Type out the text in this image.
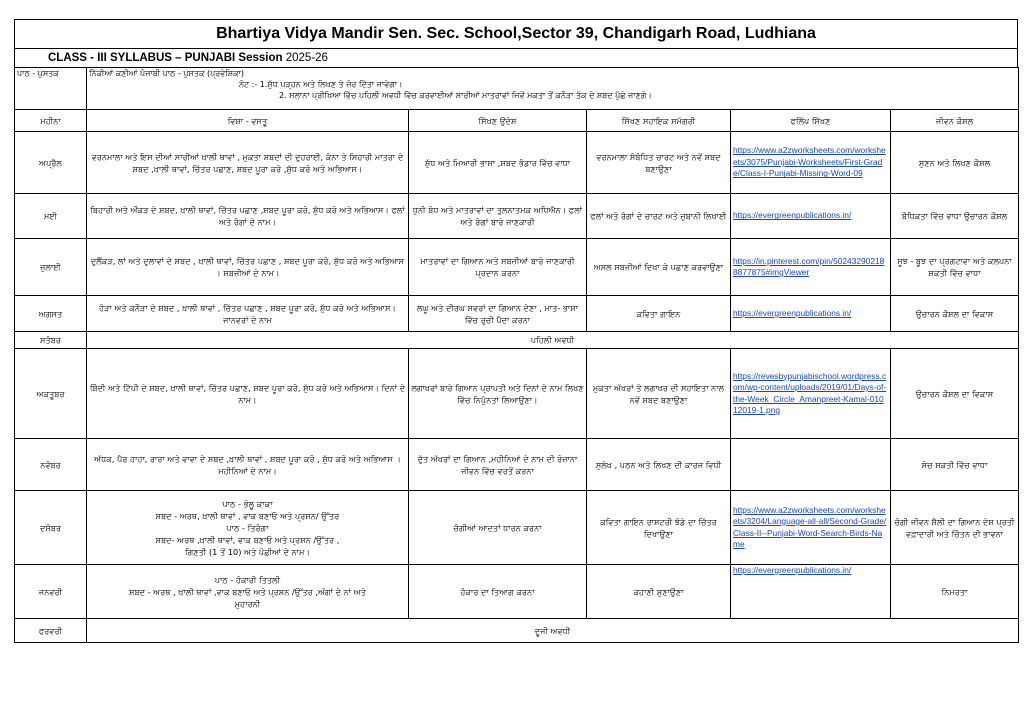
Bhartiya Vidya Mandir Sen. Sec. School,Sector 39, Chandigarh Road, Ludhiana
CLASS - III SYLLABUS – PUNJABI Session 2025-26
ਪਾਠ - ਪੁਸਤਕ	ਨਿੱਕੀਆਂ ਕਣੀਆਂ ਪੰਜਾਬੀ ਪਾਠ - ਪੁਸਤਕ (ਪ੍ਰਵੇਸ਼ਿਕਾ)
ਨੋਟ :- 1.ਸ਼ੁੱਧ ਪੜ੍ਹਨ ਅਤੇ ਲਿਖਣ ਤੇ ਜ਼ੋਰ ਦਿੱਤਾ ਜਾਵੇਗਾ।
2. ਸਲਾਨਾ ਪ੍ਰੀਖਿਆ ਵਿੱਚ ਪਹਿਲੀ ਅਵਧੀ ਵਿੱਚ ਕਰਵਾਈਆਂ ਸਾਰੀਆਂ ਮਾਤਰਾਵਾਂ ਜਿਵੇਂ ਮਕਤਾ ਤੋਂ ਕਨੌੜਾ ਤੱਕ ਦੇ ਸ਼ਬਦ ਪੁੱਛੇ ਜਾਣਗੇ।				

ਮਹੀਨਾ	ਵਿਸ਼ਾ - ਵਸਤੂ	ਸਿੱਖਣ ਉਦੇਸ਼	ਸਿੱਖਣ ਸਹਾਇਕ ਸਮੱਗਰੀ	ਫਲਿੱਪ ਸਿੱਖਣ	ਜੀਵਨ ਕੌਸ਼ਲ
ਅਪ੍ਰੈਲ	ਵਰਨਮਾਲਾ ਅਤੇ ਇਸ ਦੀਆਂ ਸਾਰੀਆਂ ਖ਼ਾਲੀ ਥਾਵਾਂ , ਮੁਕਤਾ ਸ਼ਬਦਾਂ ਦੀ ਦੁਹਰਾਈ, ਕੰਨਾ ਤੇ ਸਿਹਾਰੀ ਮਾਤਰਾ ਦੇ ਸ਼ਬਦ ,ਖ਼ਾਲੀ ਥਾਵਾਂ, ਚਿੱਤਰ ਪਛਾਣ, ਸ਼ਬਦ ਪੂਰਾ ਕਰੋ ,ਸ਼ੁੱਧ ਕਰੋ ਅਤੇ ਅਭਿਆਸ।	ਸ਼ੁੱਧ ਅਤੇ ਮਿਆਰੀ ਭਾਸ਼ਾ ,ਸ਼ਬਦ ਭੰਡਾਰ ਵਿੱਚ ਵਾਧਾ	ਵਰਨਮਾਲਾ ਸੰਬੰਧਿਤ ਚਾਰਟ ਅਤੇ ਨਵੇਂ ਸ਼ਬਦ ਬਣਾਉਣਾ	https://www.a2zworksheets.com/worksheets/3075/Punjabi-Worksheets/First-Grade/Class-I-Punjabi-Missing-Word-09	ਸੁਣਨ ਅਤੇ ਲਿਖਣ ਕੌਸ਼ਲ
ਮਈ	ਬਿਹਾਰੀ ਅਤੇ ਔਂਕੜ ਦੇ ਸ਼ਬਦ, ਖ਼ਾਲੀ ਥਾਵਾਂ, ਚਿੱਤਰ ਪਛਾਣ ,ਸ਼ਬਦ ਪੂਰਾ ਕਰੋ, ਸ਼ੁੱਧ ਕਰੋ ਅਤੇ ਅਭਿਆਸ। ਫਲਾਂ ਅਤੇ ਰੰਗਾਂ ਦੇ ਨਾਮ।	ਧੁਨੀ ਬੋਧ ਅਤੇ ਮਾਤਰਾਵਾਂ ਦਾ ਤੁਲਨਾਤਮਕ ਅਧਿਐਨ। ਫਲਾਂ ਅਤੇ ਰੰਗਾਂ ਬਾਰੇ ਜਾਣਕਾਰੀ	ਫਲਾਂ ਅਤੇ ਰੰਗਾਂ ਦੇ ਚਾਰਟ ਅਤੇ ਜ਼ੁਬਾਨੀ ਲਿਖਾਈ	https://evergreenpublications.in/	ਬੌਧਿਕਤਾ ਵਿੱਚ ਵਾਧਾ ਉਚਾਰਨ ਕੌਸ਼ਲ
ਜੁਲਾਈ	ਦੁਲੈਂਕੜ, ਲਾਂ ਅਤੇ ਦੁਲਾਵਾਂ ਦੇ ਸ਼ਬਦ , ਖ਼ਾਲੀ ਥਾਵਾਂ, ਚਿੱਤਰ ਪਛਾਣ , ਸ਼ਬਦ ਪੂਰਾ ਕਰੋ, ਸ਼ੁੱਧ ਕਰੋ ਅਤੇ ਅਭਿਆਸ । ਸਬਜ਼ੀਆਂ ਦੇ ਨਾਮ।	ਮਾਤਰਾਵਾਂ ਦਾ ਗਿਆਨ ਅਤੇ ਸਬਜ਼ੀਆਂ ਬਾਰੇ ਜਾਣਕਾਰੀ ਪ੍ਰਦਾਨ ਕਰਨਾ	ਅਸਲ ਸਬਜ਼ੀਆਂ ਦਿਖਾ ਕੇ ਪਛਾਣ ਕਰਵਾਉਣਾ	https://in.pinterest.com/pin/502432902188877875#imgViewer	ਸੂਝ - ਬੂਝ ਦਾ ਪ੍ਰਗਟਾਵਾ ਅਤੇ ਕਲਪਨਾ ਸ਼ਕਤੀ ਵਿੱਚ ਵਾਧਾ
ਅਗਸਤ	ਹੋੜਾ ਅਤੇ ਕਨੌੜਾ ਦੇ ਸ਼ਬਦ , ਖ਼ਾਲੀ ਥਾਵਾਂ , ਚਿੱਤਰ ਪਛਾਣ , ਸ਼ਬਦ ਪੂਰਾ ਕਰੋ, ਸ਼ੁੱਧ ਕਰੋ ਅਤੇ ਅਭਿਆਸ। ਜਾਨਵਰਾਂ ਦੇ ਨਾਮ	ਲਘੂ ਅਤੇ ਦੀਰਘ ਸਵਰਾਂ ਦਾ ਗਿਆਨ ਦੇਣਾ , ਮਾਤ- ਭਾਸ਼ਾ ਵਿੱਚ ਰੁਚੀ ਪੈਦਾ ਕਰਨਾ	ਕਵਿਤਾ ਗਾਇਨ	https://evergreenpublications.in/	ਉਚਾਰਨ ਕੌਸ਼ਲ ਦਾ ਵਿਕਾਸ
ਸਤੰਬਰ	ਪਹਿਲੀ ਅਵਧੀ				
ਅਕਤੂਬਰ	ਬਿੰਦੀ ਅਤੇ ਟਿੱਪੀ ਦੇ ਸ਼ਬਦ, ਖ਼ਾਲੀ ਥਾਵਾਂ, ਚਿੱਤਰ ਪਛਾਣ, ਸ਼ਬਦ ਪੂਰਾ ਕਰੋ, ਸ਼ੁੱਧ ਕਰੋ ਅਤੇ ਅਭਿਆਸ। ਦਿਨਾਂ ਦੇ ਨਾਮ।	ਲਗਾਖਰਾਂ ਬਾਰੇ ਗਿਆਨ ਪ੍ਰਾਪਤੀ ਅਤੇ ਦਿਨਾਂ ਦੇ ਨਾਮ ਲਿਖਣ ਵਿੱਚ ਨਿਪੁੰਨਤਾ ਲਿਆਉਣਾ।	ਮੁਕਤਾ ਅੱਖਰਾਂ ਤੇ ਲਗਾਖਰ ਦੀ ਸਹਾਇਤਾ ਨਾਲ ਨਵੇਂ ਸ਼ਬਦ ਬਣਾਉਣਾ	https://revesbypunjabischool.wordpress.com/wp-content/uploads/2019/01/Days-of-the-Week_Circle_Amanpreet-Kamal-01012019-1.png	ਉਚਾਰਨ ਕੌਸ਼ਲ ਦਾ ਵਿਕਾਸ
ਨਵੰਬਰ	ਅੱਧਕ, ਪੈਰ ਹਾਹਾ, ਰਾਰਾ ਅਤੇ ਵਾਵਾ ਦੇ ਸ਼ਬਦ ,ਖ਼ਾਲੀ ਥਾਵਾਂ , ਸ਼ਬਦ ਪੂਰਾ ਕਰੋ , ਸ਼ੁੱਧ ਕਰੋ ਅਤੇ ਅਭਿਆਸ । ਮਹੀਨਿਆਂ ਦੇ ਨਾਮ।	ਦੁੱਤ ਅੱਖਰਾਂ ਦਾ ਗਿਆਨ ,ਮਹੀਨਿਆਂ ਦੇ ਨਾਮ ਦੀ ਰੋਜ਼ਾਨਾ ਜੀਵਨ ਵਿੱਚ ਵਰਤੋਂ ਕਰਨਾ	ਸੁਲੇਖ , ਪਠਨ ਅਤੇ ਲਿਖਣ ਦੀ ਕਾਰਜ ਵਿਧੀ		ਸੋਚ ਸ਼ਕਤੀ ਵਿੱਚ ਵਾਧਾ
ਦਸੰਬਰ	ਪਾਠ - ਭੋਲੂ ਕਾਕਾ
ਸ਼ਬਦ - ਅਰਥ, ਖ਼ਾਲੀ ਥਾਵਾਂ , ਵਾਕ ਬਣਾਓ ਅਤੇ ਪ੍ਰਸ਼ਨ/ ਉੱਤਰ
ਪਾਠ - ਤਿਰੰਗਾ
ਸ਼ਬਦ- ਅਰਥ ,ਖ਼ਾਲੀ ਥਾਵਾਂ, ਵਾਕ ਬਣਾਓ ਅਤੇ ਪ੍ਰਸ਼ਨ /ਉੱਤਰ ,
ਗਿਣਤੀ (1 ਤੋਂ 10) ਅਤੇ ਪੰਛੀਆਂ ਦੇ ਨਾਮ।	ਚੰਗੀਆਂ ਆਦਤਾਂ ਧਾਰਨ ਕਰਨਾ	ਕਵਿਤਾ ਗਾਇਨ ਰਾਸ਼ਟਰੀ ਝੰਡੇ ਦਾ ਚਿੱਤਰ ਦਿਖਾਉਣਾ	https://www.a2zworksheets.com/worksheets/3204/Language-all-all/Second-Grade/Class-II--Punjabi-Word-Search-Birds-Name	ਚੰਗੀ ਜੀਵਨ ਸ਼ੈਲੀ ਦਾ ਗਿਆਨ ਦੇਸ਼ ਪ੍ਰਤੀ ਵਫ਼ਾਦਾਰੀ ਅਤੇ ਚਿੰਤਨ ਦੀ ਭਾਵਨਾ
ਜਨਵਰੀ	ਪਾਠ - ਹੰਕਾਰੀ ਤਿਤਲੀ
ਸ਼ਬਦ - ਅਰਥ , ਖ਼ਾਲੀ ਥਾਵਾਂ ,ਵਾਕ ਬਣਾਓ ਅਤੇ ਪ੍ਰਸ਼ਨ /ਉੱਤਰ ,ਅੰਗਾਂ ਦੇ ਨਾਂ ਅਤੇ
ਮੁਹਾਰਨੀ	ਹੰਕਾਰ ਦਾ ਤਿਆਗ ਕਰਨਾ	ਕਹਾਣੀ ਸੁਣਾਉਣਾ	https://evergreenpublications.in/	ਨਿਮਰਤਾ
ਫਰਵਰੀ	ਦੂਜੀ ਅਵਧੀ				
